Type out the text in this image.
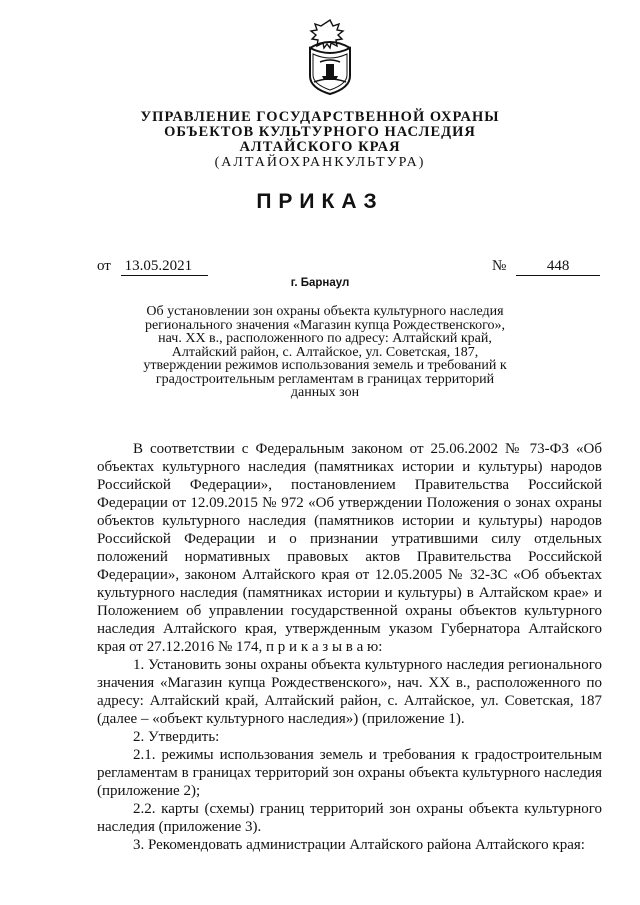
УПРАВЛЕНИЕ ГОСУДАРСТВЕННОЙ ОХРАНЫ
ОБЪЕКТОВ КУЛЬТУРНОГО НАСЛЕДИЯ
АЛТАЙСКОГО КРАЯ
(АЛТАЙОХРАНКУЛЬТУРА)
ПРИКАЗ
от 13.05.2021	№	448
г. Барнаул
Об установлении зон охраны объекта культурного наследия
регионального значения «Магазин купца Рождественского»,
нач. XX в., расположенного по адресу: Алтайский край,
Алтайский район, с. Алтайское, ул. Советская, 187,
утверждении режимов использования земель и требований к
градостроительным регламентам в границах территорий
данных зон

В соответствии с Федеральным законом от 25.06.2002 № 73-ФЗ «Об объектах культурного наследия (памятниках истории и культуры) народов Российской Федерации», постановлением Правительства Российской Федерации от 12.09.2015 № 972 «Об утверждении Положения о зонах охраны объектов культурного наследия (памятников истории и культуры) народов Российской Федерации и о признании утратившими силу отдельных положений нормативных правовых актов Правительства Российской Федерации», законом Алтайского края от 12.05.2005 № 32-ЗС «Об объектах культурного наследия (памятниках истории и культуры) в Алтайском крае» и Положением об управлении государственной охраны объектов культурного наследия Алтайского края, утвержденным указом Губернатора Алтайского края от 27.12.2016 № 174, п р и к а з ы в а ю:

1. Установить зоны охраны объекта культурного наследия регионального значения «Магазин купца Рождественского», нач. XX в., расположенного по адресу: Алтайский край, Алтайский район, с. Алтайское, ул. Советская, 187 (далее – «объект культурного наследия») (приложение 1).

2. Утвердить:

2.1. режимы использования земель и требования к градостроительным регламентам в границах территорий зон охраны объекта культурного наследия (приложение 2);

2.2. карты (схемы) границ территорий зон охраны объекта культурного наследия (приложение 3).

3. Рекомендовать администрации Алтайского района Алтайского края:
